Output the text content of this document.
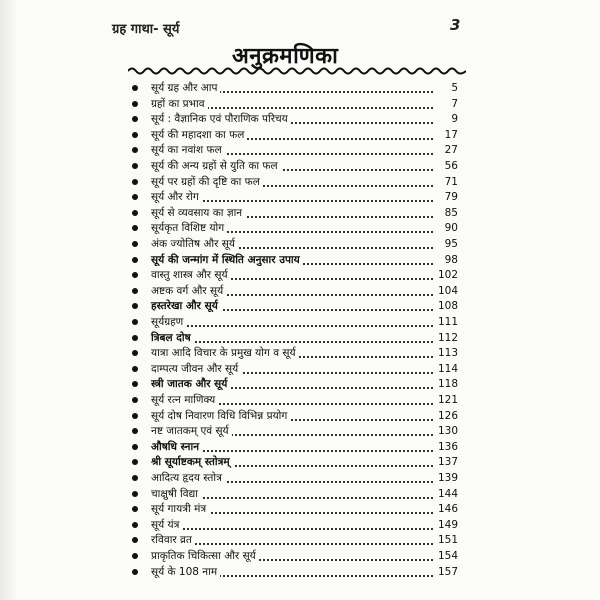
ग्रह गाथा- सूर्य	3
अनुक्रमणिका
सूर्य ग्रह और आप	5
ग्रहों का प्रभाव	7
सूर्य : वैज्ञानिक एवं पौराणिक परिचय	9
सूर्य की महादशा का फल	17
सूर्य का नवांश फल	27
सूर्य की अन्य ग्रहों से युति का फल	56
सूर्य पर ग्रहों की दृष्टि का फल	71
सूर्य और रोग	79
सूर्य से व्यवसाय का ज्ञान	85
सूर्यकृत विशिष्ट योग	90
अंक ज्योतिष और सूर्य	95
सूर्य की जन्मांग में स्थिति अनुसार उपाय	98
वास्तु शास्त्र और सूर्य	102
अष्टक वर्ग और सूर्य	104
हस्तरेखा और सूर्य	108
सूर्यग्रहण	111
त्रिबल दोष	112
यात्रा आदि विचार के प्रमुख योग व सूर्य	113
दाम्पत्य जीवन और सूर्य	114
स्त्री जातक और सूर्य	118
सूर्य रत्न माणिक्य	121
सूर्य दोष निवारण विधि विभिन्न प्रयोग	126
नष्ट जातकम् एवं सूर्य	130
औषधि स्नान	136
श्री सूर्याष्टकम् स्तोत्रम्	137
आदित्य हृदय स्तोत्र	139
चाक्षुषी विद्या	144
सूर्य गायत्री मंत्र	146
सूर्य यंत्र	149
रविवार व्रत	151
प्राकृतिक चिकित्सा और सूर्य	154
सूर्य के 108 नाम	157
